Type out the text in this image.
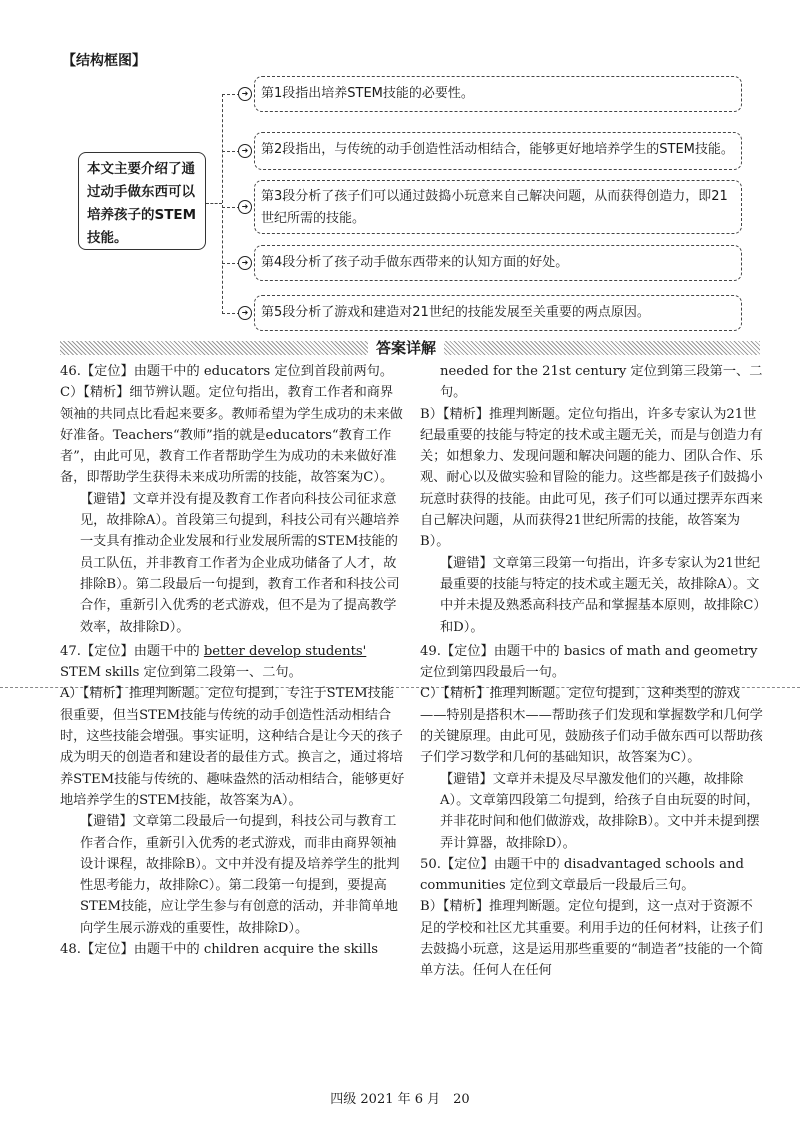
【结构框图】
本文主要介绍了通过动手做东西可以培养孩子的STEM技能。
➜
➜
➜
➜
➜
第1段指出培养STEM技能的必要性。
第2段指出，与传统的动手创造性活动相结合，能够更好地培养学生的STEM技能。
第3段分析了孩子们可以通过鼓捣小玩意来自己解决问题，从而获得创造力，即21世纪所需的技能。
第4段分析了孩子动手做东西带来的认知方面的好处。
第5段分析了游戏和建造对21世纪的技能发展至关重要的两点原因。
答案详解
46.【定位】由题干中的 educators 定位到首段前两句。
C）【精析】细节辨认题。定位句指出，教育工作者和商界领袖的共同点比看起来要多。教师希望为学生成功的未来做好准备。Teachers“教师”指的就是educators“教育工作者”，由此可见，教育工作者帮助学生为成功的未来做好准备，即帮助学生获得未来成功所需的技能，故答案为C）。
【避错】文章并没有提及教育工作者向科技公司征求意见，故排除A）。首段第三句提到，科技公司有兴趣培养一支具有推动企业发展和行业发展所需的STEM技能的员工队伍，并非教育工作者为企业成功储备了人才，故排除B）。第二段最后一句提到，教育工作者和科技公司合作，重新引入优秀的老式游戏，但不是为了提高教学效率，故排除D）。
47.【定位】由题干中的 better develop students' STEM skills 定位到第二段第一、二句。
A）【精析】推理判断题。定位句提到，专注于STEM技能很重要，但当STEM技能与传统的动手创造性活动相结合时，这些技能会增强。事实证明，这种结合是让今天的孩子成为明天的创造者和建设者的最佳方式。换言之，通过将培养STEM技能与传统的、趣味盎然的活动相结合，能够更好地培养学生的STEM技能，故答案为A）。
【避错】文章第二段最后一句提到，科技公司与教育工作者合作，重新引入优秀的老式游戏，而非由商界领袖设计课程，故排除B）。文中并没有提及培养学生的批判性思考能力，故排除C）。第二段第一句提到，要提高STEM技能，应让学生参与有创意的活动，并非简单地向学生展示游戏的重要性，故排除D）。
48.【定位】由题干中的 children acquire the skills
needed for the 21st century 定位到第三段第一、二句。
B）【精析】推理判断题。定位句指出，许多专家认为21世纪最重要的技能与特定的技术或主题无关，而是与创造力有关；如想象力、发现问题和解决问题的能力、团队合作、乐观、耐心以及做实验和冒险的能力。这些都是孩子们鼓捣小玩意时获得的技能。由此可见，孩子们可以通过摆弄东西来自己解决问题，从而获得21世纪所需的技能，故答案为B）。
【避错】文章第三段第一句指出，许多专家认为21世纪最重要的技能与特定的技术或主题无关，故排除A）。文中并未提及熟悉高科技产品和掌握基本原则，故排除C）和D）。
49.【定位】由题干中的 basics of math and geometry 定位到第四段最后一句。
C）【精析】推理判断题。定位句提到，这种类型的游戏——特别是搭积木——帮助孩子们发现和掌握数学和几何学的关键原理。由此可见，鼓励孩子们动手做东西可以帮助孩子们学习数学和几何的基础知识，故答案为C）。
【避错】文章并未提及尽早激发他们的兴趣，故排除A）。文章第四段第二句提到，给孩子自由玩耍的时间，并非花时间和他们做游戏，故排除B）。文中并未提到摆弄计算器，故排除D）。
50.【定位】由题干中的 disadvantaged schools and communities 定位到文章最后一段最后三句。
B）【精析】推理判断题。定位句提到，这一点对于资源不足的学校和社区尤其重要。利用手边的任何材料，让孩子们去鼓捣小玩意，这是运用那些重要的“制造者”技能的一个简单方法。任何人在任何
四级 2021 年 6 月　20
